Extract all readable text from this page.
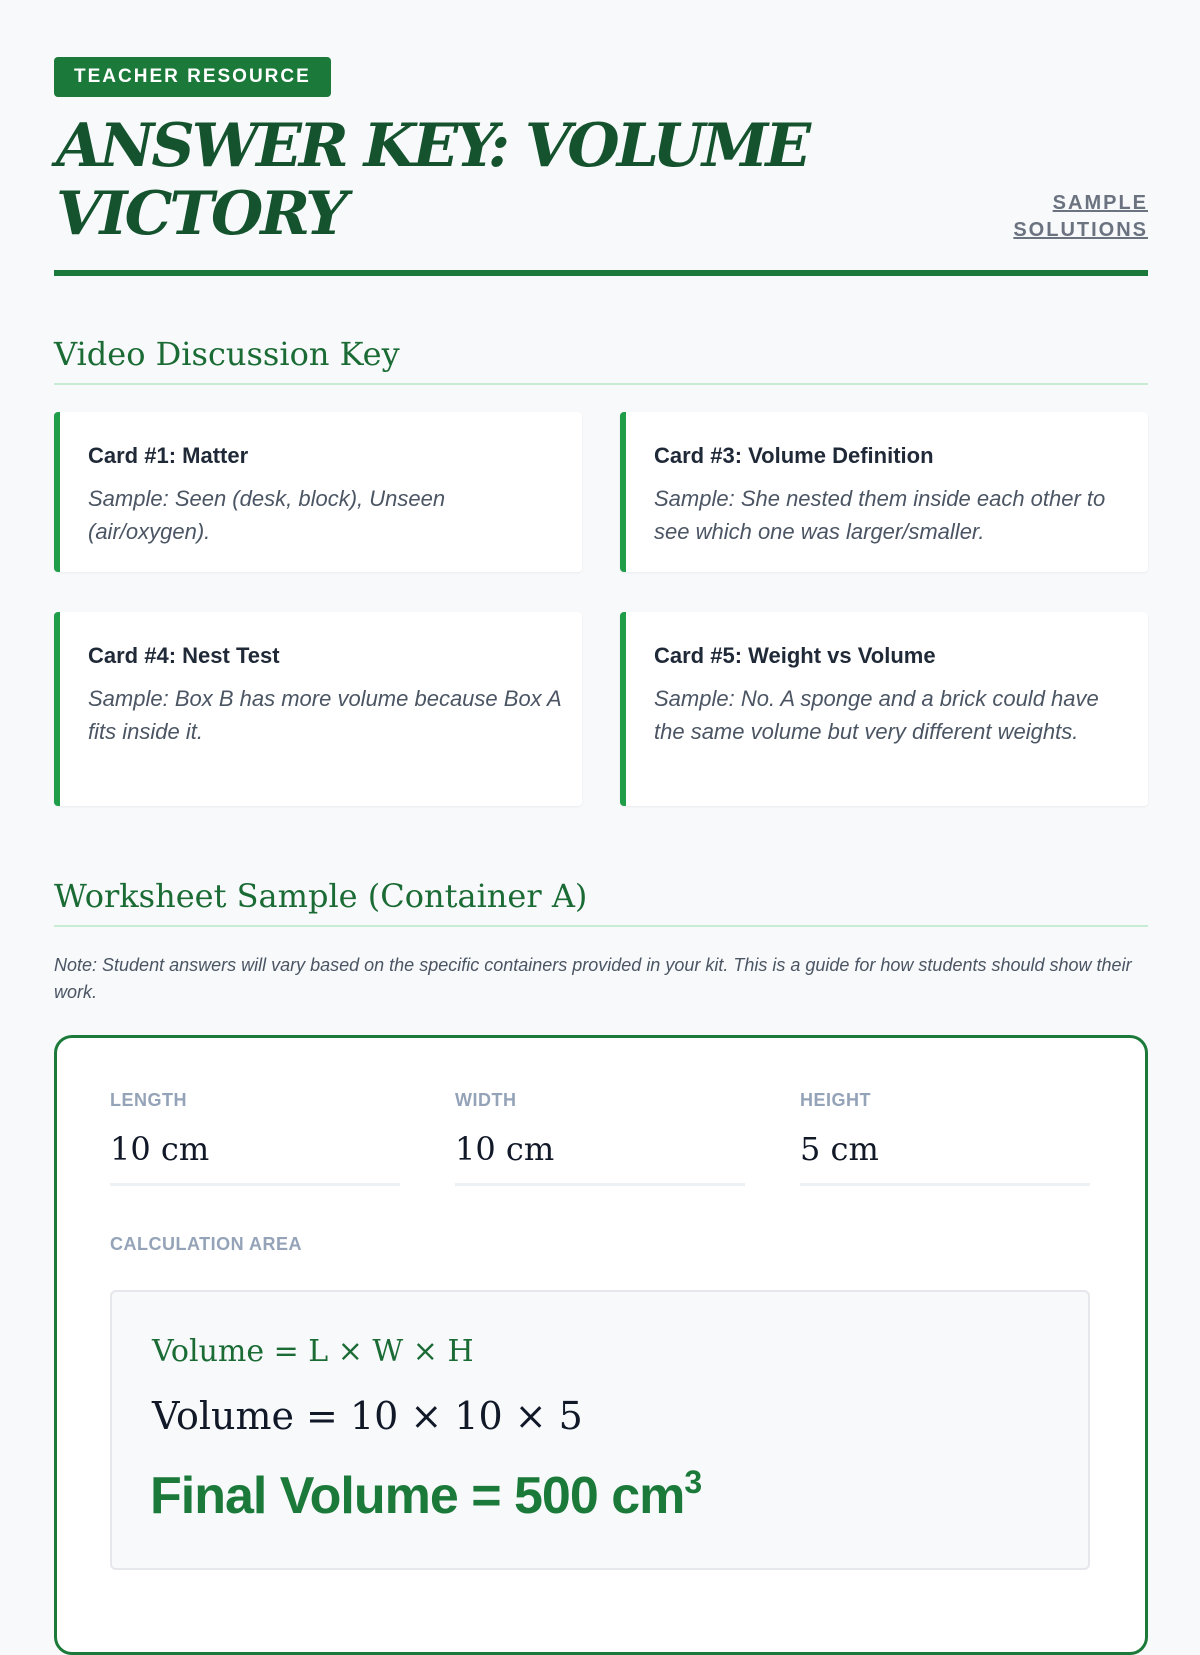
TEACHER RESOURCE
ANSWER KEY: VOLUME VICTORY	SAMPLE SOLUTIONS
Video Discussion Key
Card #1: Matter
Sample: Seen (desk, block), Unseen (air/oxygen).
Card #3: Volume Definition
Sample: She nested them inside each other to see which one was larger/smaller.
Card #4: Nest Test
Sample: Box B has more volume because Box A fits inside it.
Card #5: Weight vs Volume
Sample: No. A sponge and a brick could have the same volume but very different weights.
Worksheet Sample (Container A)
Note: Student answers will vary based on the specific containers provided in your kit. This is a guide for how students should show their work.
LENGTH
10 cm
WIDTH
10 cm
HEIGHT
5 cm
CALCULATION AREA
Volume = L × W × H
Volume = 10 × 10 × 5
Final Volume = 500 $cm^3$
